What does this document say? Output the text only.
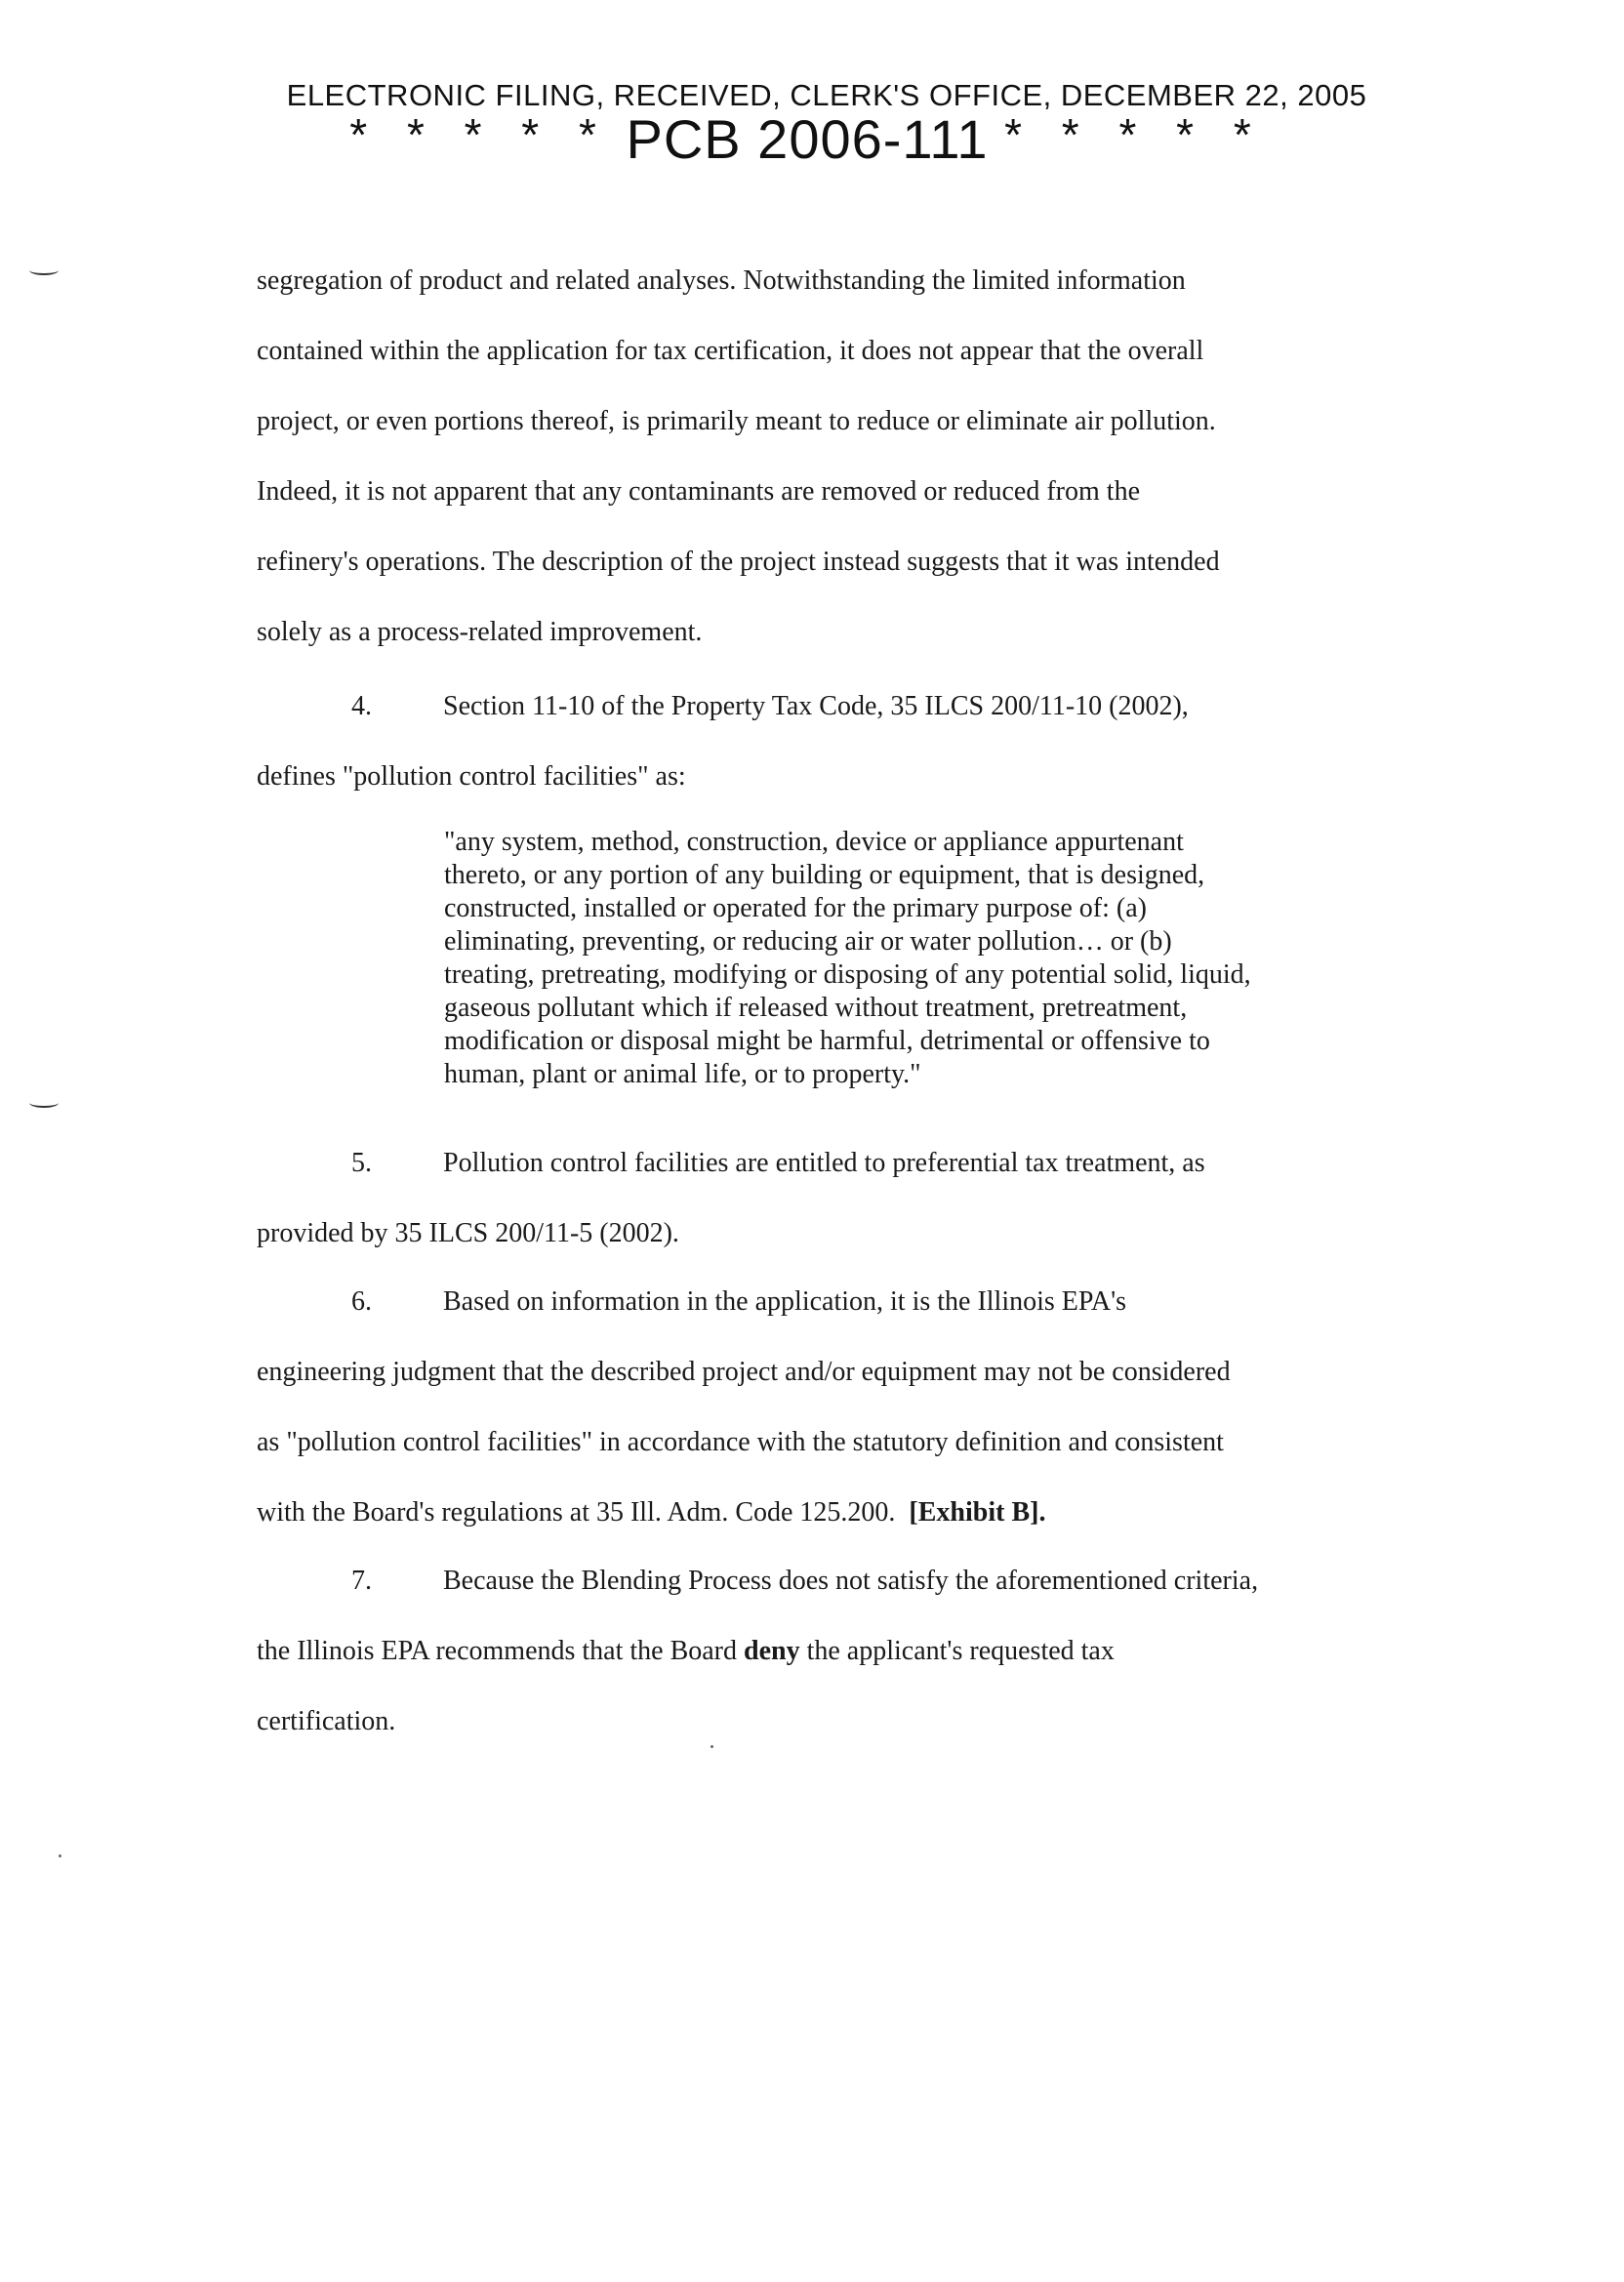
ELECTRONIC FILING, RECEIVED, CLERK'S OFFICE, DECEMBER 22, 2005
* * * * * PCB 2006-111 * * * * *
segregation of product and related analyses. Notwithstanding the limited information
contained within the application for tax certification, it does not appear that the overall
project, or even portions thereof, is primarily meant to reduce or eliminate air pollution.
Indeed, it is not apparent that any contaminants are removed or reduced from the
refinery's operations. The description of the project instead suggests that it was intended
solely as a process-related improvement.
4.	Section 11-10 of the Property Tax Code, 35 ILCS 200/11-10 (2002),
defines "pollution control facilities" as:
"any system, method, construction, device or appliance appurtenant
thereto, or any portion of any building or equipment, that is designed,
constructed, installed or operated for the primary purpose of: (a)
eliminating, preventing, or reducing air or water pollution… or (b)
treating, pretreating, modifying or disposing of any potential solid, liquid,
gaseous pollutant which if released without treatment, pretreatment,
modification or disposal might be harmful, detrimental or offensive to
human, plant or animal life, or to property."
5.	Pollution control facilities are entitled to preferential tax treatment, as
provided by 35 ILCS 200/11-5 (2002).
6.	Based on information in the application, it is the Illinois EPA's
engineering judgment that the described project and/or equipment may not be considered
as "pollution control facilities" in accordance with the statutory definition and consistent
with the Board's regulations at 35 Ill. Adm. Code 125.200. [Exhibit B].
7.	Because the Blending Process does not satisfy the aforementioned criteria,
the Illinois EPA recommends that the Board deny the applicant's requested tax
certification.
